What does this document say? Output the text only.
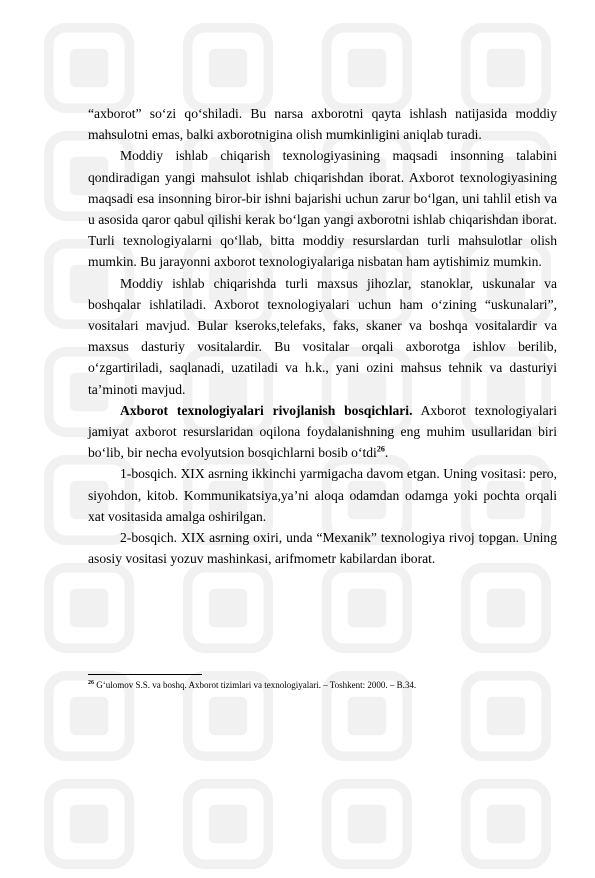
“axborot” so‘zi qo‘shiladi. Bu narsa axborotni qayta ishlash natijasida moddiy mahsulotni emas, balki axborotnigina olish mumkinligini aniqlab turadi.

Moddiy ishlab chiqarish texnologiyasining maqsadi insonning talabini qondiradigan yangi mahsulot ishlab chiqarishdan iborat. Axborot texnologiyasining maqsadi esa insonning biror-bir ishni bajarishi uchun zarur bo‘lgan, uni tahlil etish va u asosida qaror qabul qilishi kerak bo‘lgan yangi axborotni ishlab chiqarishdan iborat. Turli texnologiyalarni qo‘llab, bitta moddiy resurslardan turli mahsulotlar olish mumkin. Bu jarayonni axborot texnologiyalariga nisbatan ham aytishimiz mumkin.

Moddiy ishlab chiqarishda turli maxsus jihozlar, stanoklar, uskunalar va boshqalar ishlatiladi. Axborot texnologiyalari uchun ham o‘zining “uskunalari”, vositalari mavjud. Bular kseroks,telefaks, faks, skaner va boshqa vositalardir va maxsus dasturiy vositalardir. Bu vositalar orqali axborotga ishlov berilib, o‘zgartiriladi, saqlanadi, uzatiladi va h.k., yani ozini mahsus tehnik va dasturiyi ta’minoti mavjud.

Axborot texnologiyalari rivojlanish bosqichlari. Axborot texnologiyalari jamiyat axborot resurslaridan oqilona foydalanishning eng muhim usullaridan biri bo‘lib, bir necha evolyutsion bosqichlarni bosib o‘tdi$^{26}$.

1-bosqich. XIX asrning ikkinchi yarmigacha davom etgan. Uning vositasi: pero, siyohdon, kitob. Kommunikatsiya,ya’ni aloqa odamdan odamga yoki pochta orqali xat vositasida amalga oshirilgan.

2-bosqich. XIX asrning oxiri, unda “Mexanik” texnologiya rivoj topgan. Uning asosiy vositasi yozuv mashinkasi, arifmometr kabilardan iborat.

$^{26}$ G‘ulomov S.S. va boshq. Axborot tizimlari va texnologiyalari. – Toshkent: 2000. – B.34.
